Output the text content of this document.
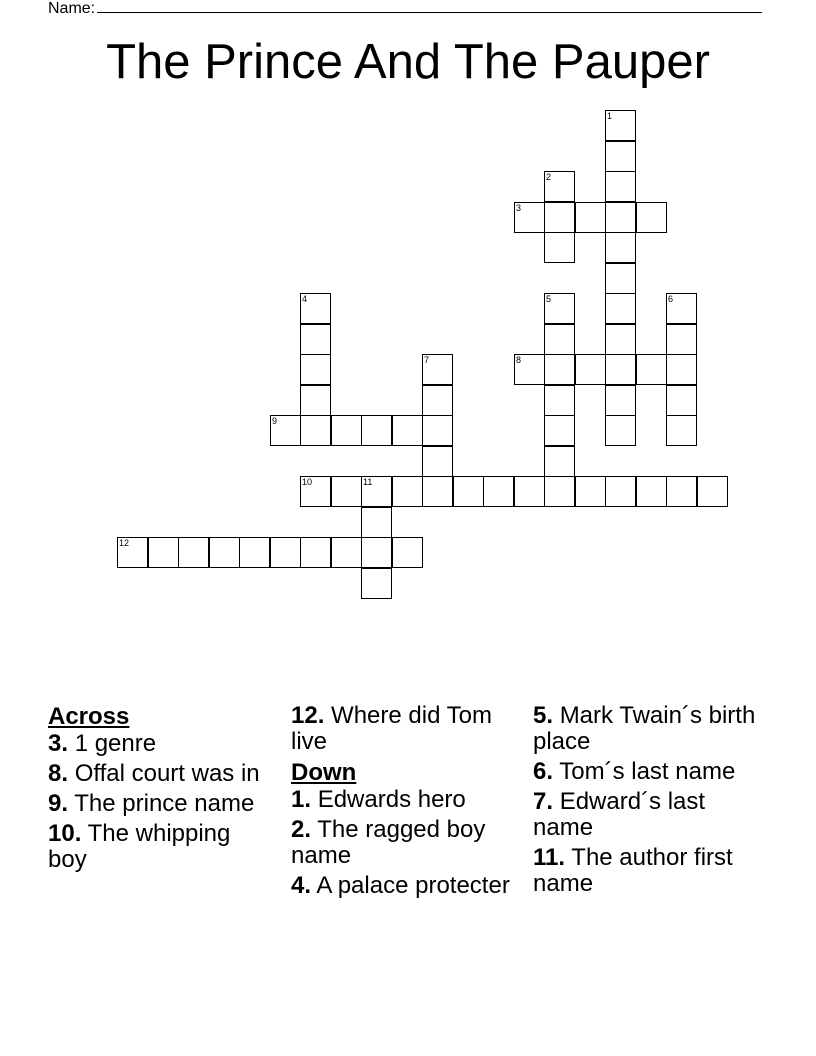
Name:
The Prince And The Pauper
1
2
3
4	5	6
7	8
9
10	11
12
Across
3. 1 genre
8. Offal court was in
9. The prince name
10. The whipping boy
12. Where did Tom live
Down
1. Edwards hero
2. The ragged boy name
4. A palace protecter
5. Mark Twain´s birth place
6. Tom´s last name
7. Edward´s last name
11. The author first name
